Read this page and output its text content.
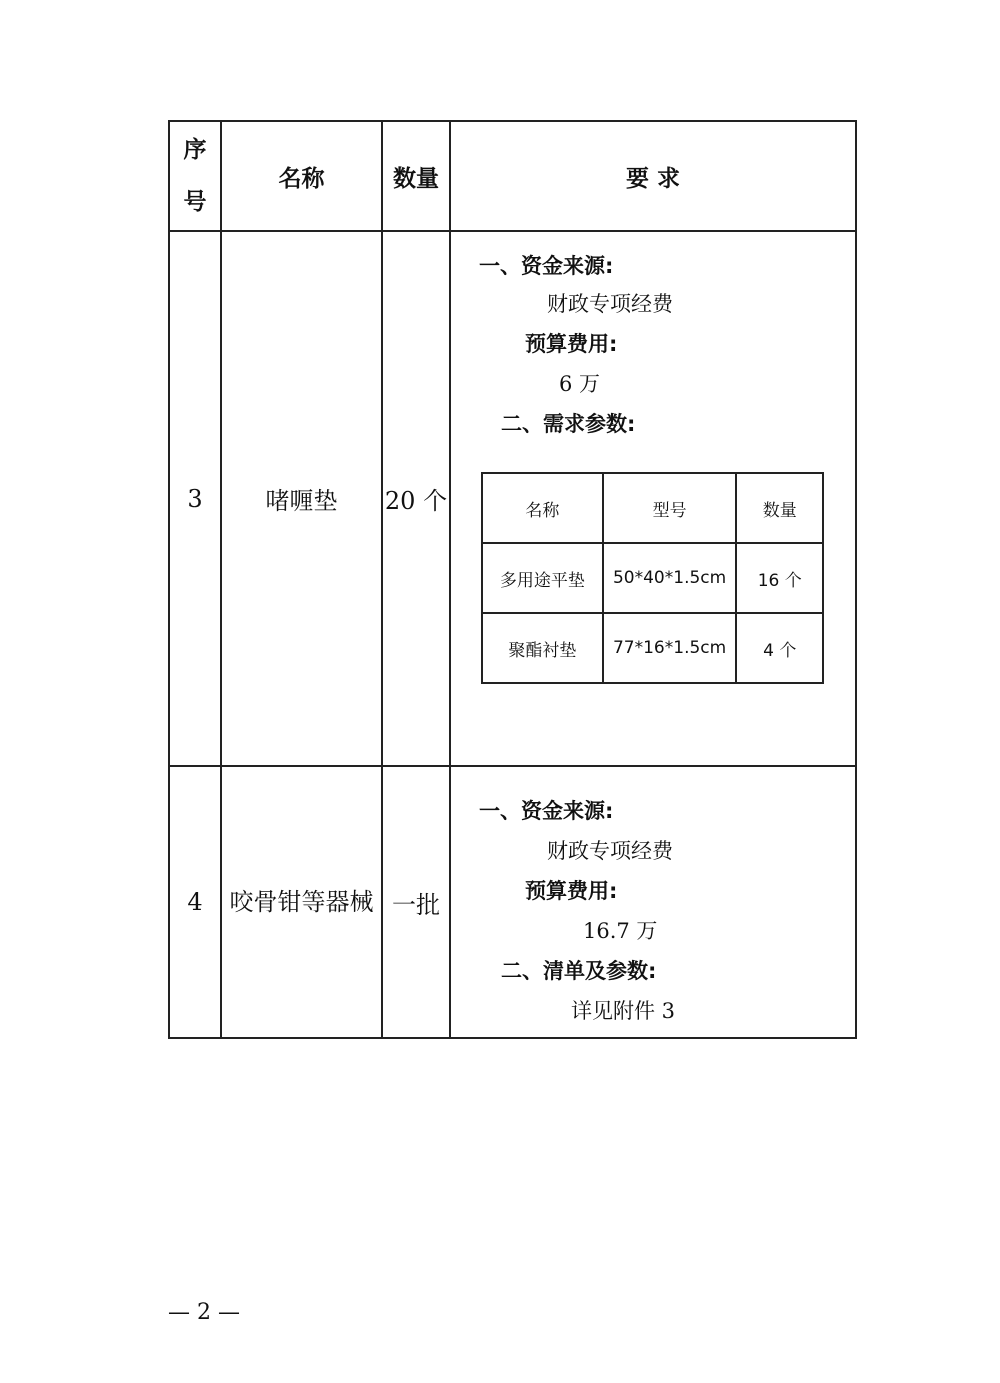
序
号
	名称	数量	要 求
3	啫喱垫	20 个	
一、资金来源:
财政专项经费
预算费用:
6 万
二、需求参数:
名称	型号	数量
多用途平垫	50*40*1.5cm	16 个
聚酯衬垫	77*16*1.5cm	4 个

4	咬骨钳等器械	一批	
一、资金来源:
财政专项经费
预算费用:
16.7 万
二、清单及参数:
详见附件 3
— 2 —
